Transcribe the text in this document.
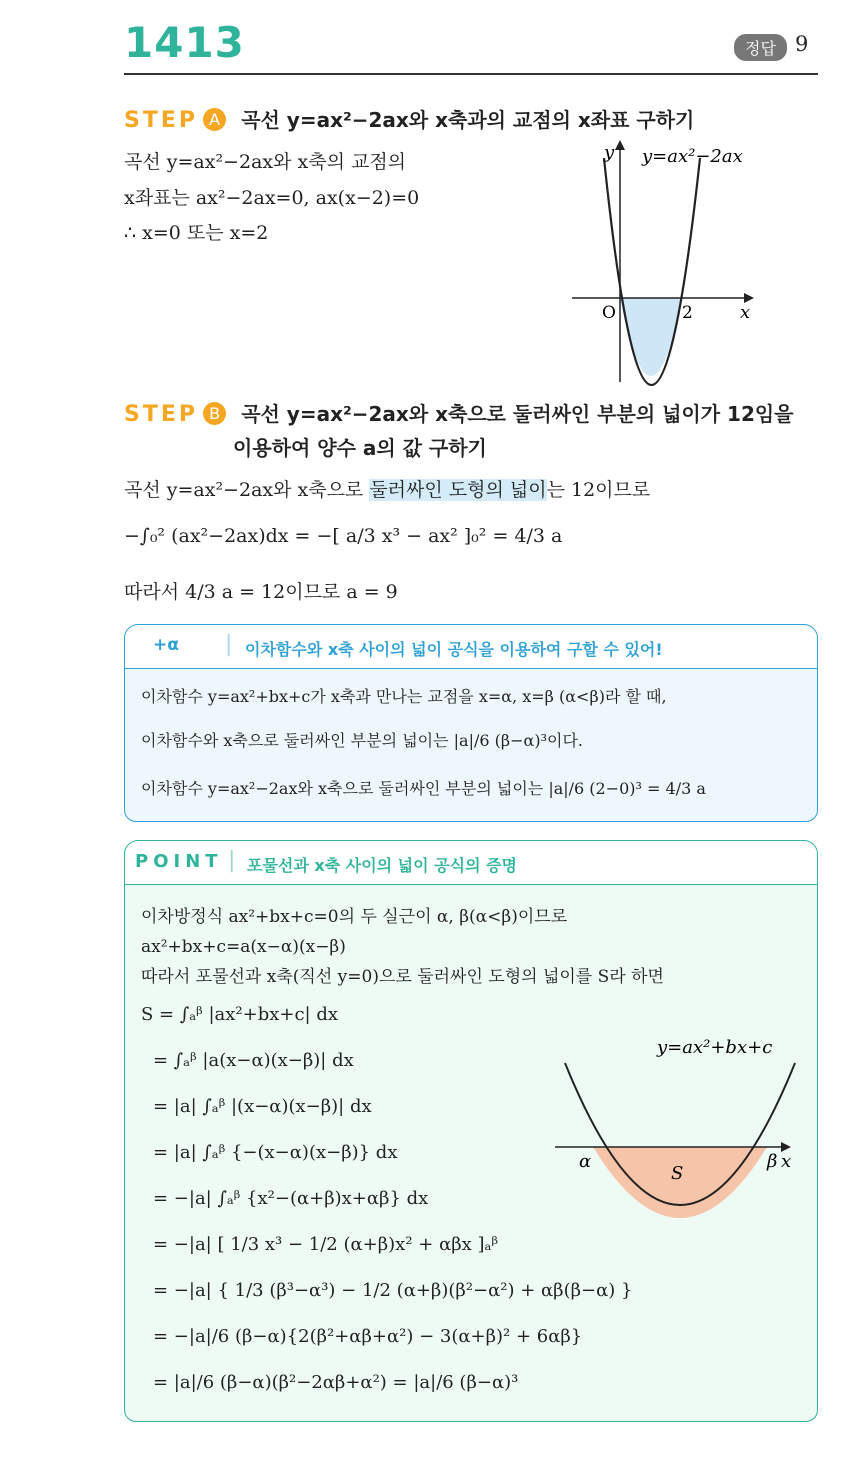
1413	정답 9
STEP A 곡선 y=ax²−2ax와 x축과의 교점의 x좌표 구하기
곡선 y=ax²−2ax와 x축의 교점의
x좌표는 ax²−2ax=0, ax(x−2)=0
∴ x=0 또는 x=2
y y=ax²−2ax
O	2	x
STEP B 곡선 y=ax²−2ax와 x축으로 둘러싸인 부분의 넓이가 12임을
이용하여 양수 a의 값 구하기
곡선 y=ax²−2ax와 x축으로 둘러싸인 도형의 넓이는 12이므로
−∫₀² (ax²−2ax)dx = −[ a/3 x³ − ax² ]₀² = 4/3 a
따라서 4/3 a = 12이므로 a = 9
+α | 이차함수와 x축 사이의 넓이 공식을 이용하여 구할 수 있어!
이차함수 y=ax²+bx+c가 x축과 만나는 교점을 x=α, x=β (α<β)라 할 때,
이차함수와 x축으로 둘러싸인 부분의 넓이는 |a|/6 (β−α)³이다.
이차함수 y=ax²−2ax와 x축으로 둘러싸인 부분의 넓이는 |a|/6 (2−0)³ = 4/3 a
POINT | 포물선과 x축 사이의 넓이 공식의 증명
이차방정식 ax²+bx+c=0의 두 실근이 α, β(α<β)이므로
ax²+bx+c=a(x−α)(x−β)
따라서 포물선과 x축(직선 y=0)으로 둘러싸인 도형의 넓이를 S라 하면
S = ∫ₐᵝ |ax²+bx+c| dx
= ∫ₐᵝ |a(x−α)(x−β)| dx
= |a| ∫ₐᵝ |(x−α)(x−β)| dx
= |a| ∫ₐᵝ {−(x−α)(x−β)} dx
= −|a| ∫ₐᵝ {x²−(α+β)x+αβ} dx
= −|a| [ 1/3 x³ − 1/2 (α+β)x² + αβx ]ₐᵝ
= −|a| { 1/3 (β³−α³) − 1/2 (α+β)(β²−α²) + αβ(β−α) }
= −|a|/6 (β−α){2(β²+αβ+α²) − 3(α+β)² + 6αβ}
= |a|/6 (β−α)(β²−2αβ+α²) = |a|/6 (β−α)³
y=ax²+bx+c
α	β x
S
